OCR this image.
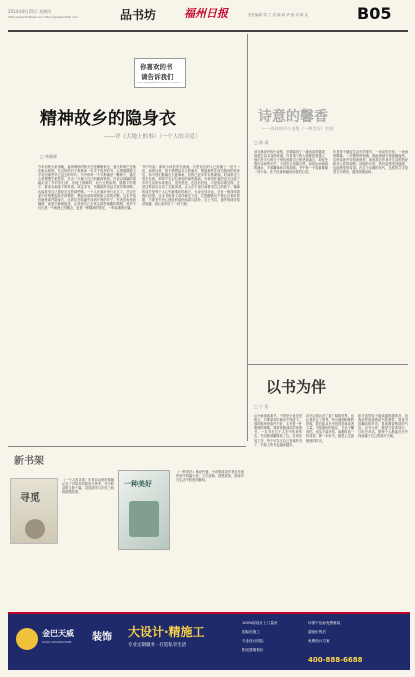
2014年8月25日 星期四
http://www.fzdbqw.com http://epaper.fzdb.com	品书坊	福州日报	责任编辑 郑 兰 美 编 林 华 校 对 陈 克	B05
你喜欢的书
请告诉我们
品书坊 xxxx@fzdb.com 品书坊会等待您的来信
精神故乡的隐身衣
——评《大地上的事》（一个人的寻觅）
□ 林戴峰
今年初秋天来得晚，福州城里的秋天总是姗姗来迟，夏天的尾巴还拖在街头巷尾。在这样的日子里捧读一本关于故乡的书，心情便随着文字走回那些早已远去的年代。书中的每一个字都像是一颗种子，落在心里慢慢生根发芽，长出一片属于自己的精神家园。作者以细腻的笔触记录了乡村的日常，田埂上的脚印，灶台边的炊烟，屋檐下的燕子，都成为他笔下的风景。读这本书，仿佛能听见远方故乡的呼唤，也能看见自己曾经走过的那些路。一个人在城市里行走久了，总会在某个时刻想起故乡的模样，想起母亲的唠叨和父亲的沉默。这本书恰恰就是那件隐身衣，让我们在喧嚣中找到片刻的安宁。作者没有刻意煽情，而是平静地叙述，让读者自己去体会那份深藏的情感。故乡不仅仅是一个地理上的概念，更是一种精神的寄托，一种灵魂的归属。
书中写道：那条小河依旧在流淌，只是河边的人已经换了一茬又一茬。读到这里，我不禁想起自己的童年，想起那些在河边嬉戏的伙伴们。如今他们散落在天涯海角，有的已经多年未曾谋面。时间带走了很多东西，却带不走记忆深处的那些画面。作者用朴素的语言还原了乡村生活的本来面目，没有美化，也没有贬低，只是如实地呈现。正是这种真实打动了无数读者，让人在字里行间看见自己的影子。精神的故乡是每个人心中最柔软的地方，无论走得多远，总有一根线牵着我们回望。这本书的意义或许就在于此，它提醒我们不要忘记来时的路，不要丢失内心深处的那份纯真与质朴。合上书页，窗外的城市依旧喧嚣，而心里却多了一份宁静。
诗意的馨香
——读林爱玲小说集《一种美好》有感
□ 林 清
读完林爱玲的小说集，仿佛闻到了一缕淡淡的馨香，那是生活本身的味道。作者笔下的人物都是普通人，他们在平凡的日子里经营着自己的悲欢离合，却处处透出诗意的光芒。小说语言清新自然，如同山间流淌的溪水，不事雕琢却自有韵味。书中每一个故事都像一首小诗，在不经意间触动读者的心弦。
作者善于捕捉生活中的细节，一朵花的开放，一场雨的降落，一次偶然的相遇，都能被她写得意趣盎然。这种诗意并非刻意营造，而是源自作者对生活的热爱和对人性的洞察。读她的小说，我们能感受到温暖，也能感受到希望。在这个浮躁的年代，这样的文字显得尤为珍贵，值得细细品味。
以书为伴
□ 于 雷
从小就喜欢看书，不管是小说还是散文，只要拿到手就舍不得放下。那时候家里条件不好，买书是一件奢侈的事情。我常常跑到同学家借书，一本书在几个人手中传来传去，书页都被翻得卷了边。后来参加工作，终于可以买自己喜欢的书了，书架上的书也越来越多。
读书让我认识了更广阔的世界，也让我学会了思考。每当遇到困难的时候，我总能从书中找到答案或者力量。书是最好的朋友，它从不嫌弃你，也从不离开你。闲暇时泡一杯清茶，捧一本好书，便是人生最惬意的时光。
如今虽然电子阅读越来越普及，但我依然喜欢纸质书的感觉，喜欢书页翻动的声音，喜欢墨香萦绕的气息。以书为伴，便是与智者同行，与时光对话。愿每个人都能在书中找到属于自己的那片天地。
新书架
寻觅
《一个人的寻觅》作者以诗意的笔触记录了对故乡的眷恋与思考，书中收录散文数十篇，讲述城市与乡村之间的情感故事。
一种美好
《一种美好》林爱玲著，小说集收录作者近年创作的中短篇小说，文字清新，情感真挚，展现平凡生活中的美好瞬间。
金巴天威
GOLD DECORATION 装饰 大设计·精施工
专业定制服务 · 打造私享生活
100%原设计上门量房	环保不达标免费重装
国标化施工	超低价售后
专业设计团队	免费设计方案
阳光透明报价
400-888-6688
